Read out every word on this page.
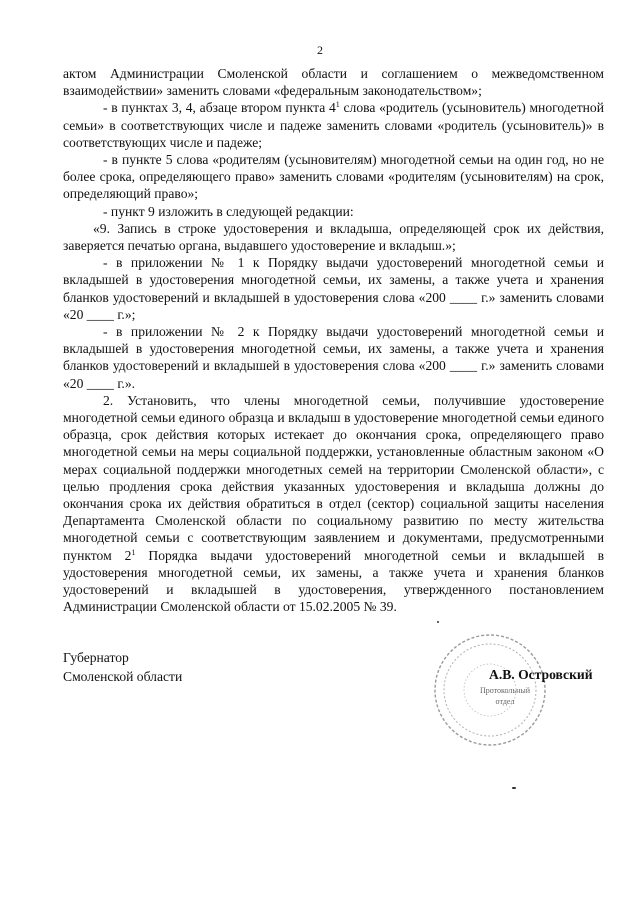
2

актом Администрации Смоленской области и соглашением о межведомственном взаимодействии» заменить словами «федеральным законодательством»;

- в пунктах 3, 4, абзаце втором пункта $4^1$ слова «родитель (усыновитель) многодетной семьи» в соответствующих числе и падеже заменить словами «родитель (усыновитель)» в соответствующих числе и падеже;

- в пункте 5 слова «родителям (усыновителям) многодетной семьи на один год, но не более срока, определяющего право» заменить словами «родителям (усыновителям) на срок, определяющий право»;

- пункт 9 изложить в следующей редакции:

«9. Запись в строке удостоверения и вкладыша, определяющей срок их действия, заверяется печатью органа, выдавшего удостоверение и вкладыш.»;

- в приложении № 1 к Порядку выдачи удостоверений многодетной семьи и вкладышей в удостоверения многодетной семьи, их замены, а также учета и хранения бланков удостоверений и вкладышей в удостоверения слова «200 ____ г.» заменить словами «20 ____ г.»;

- в приложении № 2 к Порядку выдачи удостоверений многодетной семьи и вкладышей в удостоверения многодетной семьи, их замены, а также учета и хранения бланков удостоверений и вкладышей в удостоверения слова «200 ____ г.» заменить словами «20 ____ г.».

2. Установить, что члены многодетной семьи, получившие удостоверение многодетной семьи единого образца и вкладыш в удостоверение многодетной семьи единого образца, срок действия которых истекает до окончания срока, определяющего право многодетной семьи на меры социальной поддержки, установленные областным законом «О мерах социальной поддержки многодетных семей на территории Смоленской области», с целью продления срока действия указанных удостоверения и вкладыша должны до окончания срока их действия обратиться в отдел (сектор) социальной защиты населения Департамента Смоленской области по социальному развитию по месту жительства многодетной семьи с соответствующим заявлением и документами, предусмотренными пунктом $2^1$ Порядка выдачи удостоверений многодетной семьи и вкладышей в удостоверения многодетной семьи, их замены, а также учета и хранения бланков удостоверений и вкладышей в удостоверения, утвержденного постановлением Администрации Смоленской области от 15.02.2005 № 39.

Губернатор
Смоленской области
Протокольный
отдел
А.В. Островский
